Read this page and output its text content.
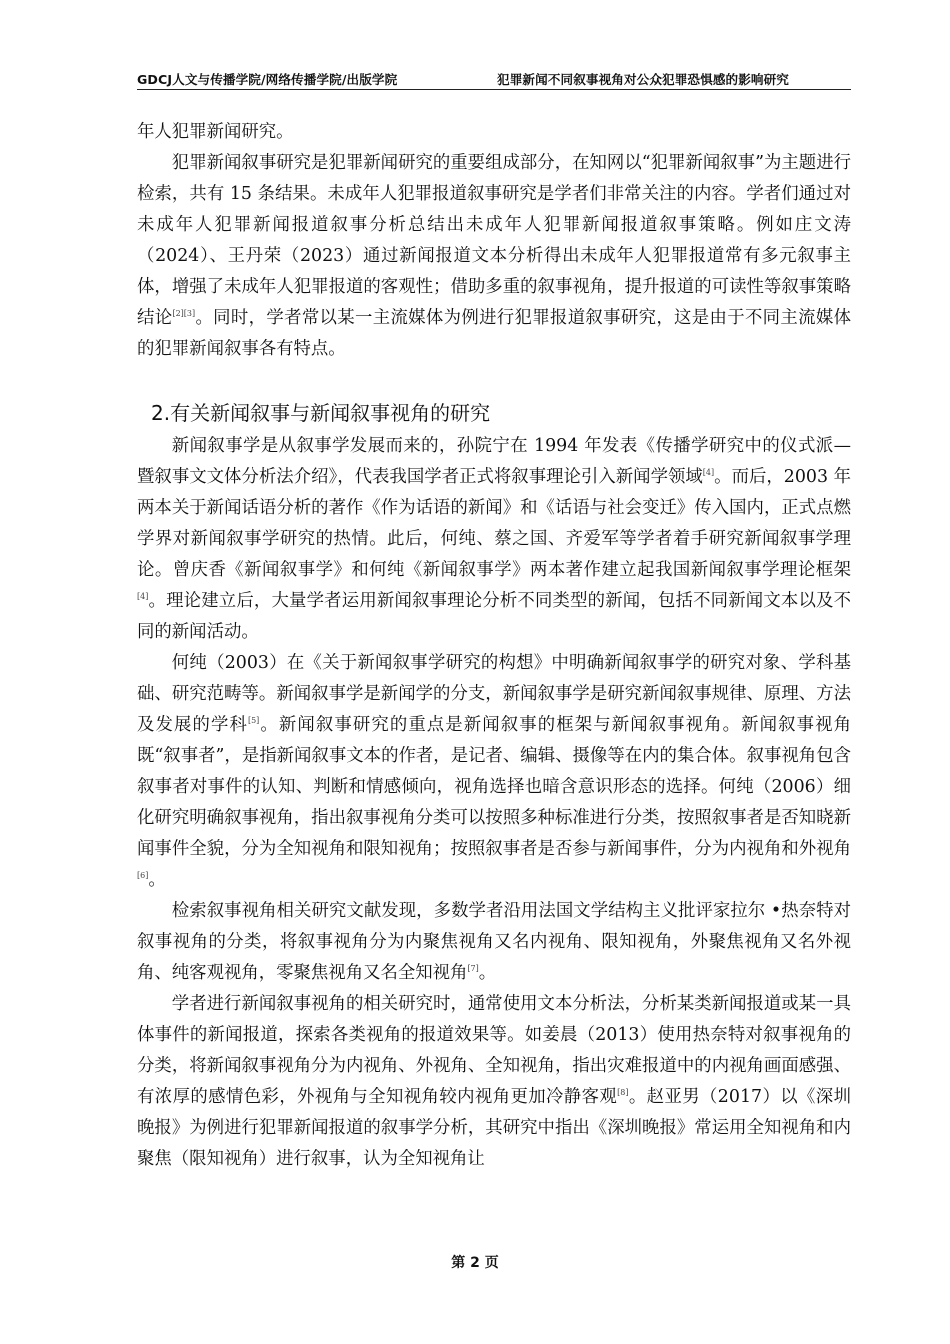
GDCJ人文与传播学院/网络传播学院/出版学院	犯罪新闻不同叙事视角对公众犯罪恐惧感的影响研究

年人犯罪新闻研究。

犯罪新闻叙事研究是犯罪新闻研究的重要组成部分，在知网以“犯罪新闻叙事”为主题进行检索，共有 15 条结果。未成年人犯罪报道叙事研究是学者们非常关注的内容。学者们通过对未成年人犯罪新闻报道叙事分析总结出未成年人犯罪新闻报道叙事策略。例如庄文涛（2024）、王丹荣（2023）通过新闻报道文本分析得出未成年人犯罪报道常有多元叙事主体，增强了未成年人犯罪报道的客观性；借助多重的叙事视角，提升报道的可读性等叙事策略结论[2][3]。同时，学者常以某一主流媒体为例进行犯罪报道叙事研究，这是由于不同主流媒体的犯罪新闻叙事各有特点。

2.有关新闻叙事与新闻叙事视角的研究

新闻叙事学是从叙事学发展而来的，孙院宁在 1994 年发表《传播学研究中的仪式派—暨叙事文文体分析法介绍》，代表我国学者正式将叙事理论引入新闻学领域[4]。而后，2003 年两本关于新闻话语分析的著作《作为话语的新闻》和《话语与社会变迁》传入国内，正式点燃学界对新闻叙事学研究的热情。此后，何纯、蔡之国、齐爱军等学者着手研究新闻叙事学理论。曾庆香《新闻叙事学》和何纯《新闻叙事学》两本著作建立起我国新闻叙事学理论框架[4]。理论建立后，大量学者运用新闻叙事理论分析不同类型的新闻，包括不同新闻文本以及不同的新闻活动。

何纯（2003）在《关于新闻叙事学研究的构想》中明确新闻叙事学的研究对象、学科基础、研究范畴等。新闻叙事学是新闻学的分支，新闻叙事学是研究新闻叙事规律、原理、方法及发展的学科[5]。新闻叙事研究的重点是新闻叙事的框架与新闻叙事视角。新闻叙事视角既“叙事者”，是指新闻叙事文本的作者，是记者、编辑、摄像等在内的集合体。叙事视角包含叙事者对事件的认知、判断和情感倾向，视角选择也暗含意识形态的选择。何纯（2006）细化研究明确叙事视角，指出叙事视角分类可以按照多种标准进行分类，按照叙事者是否知晓新闻事件全貌，分为全知视角和限知视角；按照叙事者是否参与新闻事件，分为内视角和外视角[6]。

检索叙事视角相关研究文献发现，多数学者沿用法国文学结构主义批评家拉尔 •热奈特对叙事视角的分类，将叙事视角分为内聚焦视角又名内视角、限知视角，外聚焦视角又名外视角、纯客观视角，零聚焦视角又名全知视角[7]。

学者进行新闻叙事视角的相关研究时，通常使用文本分析法，分析某类新闻报道或某一具体事件的新闻报道，探索各类视角的报道效果等。如姜晨（2013）使用热奈特对叙事视角的分类，将新闻叙事视角分为内视角、外视角、全知视角，指出灾难报道中的内视角画面感强、有浓厚的感情色彩，外视角与全知视角较内视角更加冷静客观[8]。赵亚男（2017）以《深圳晚报》为例进行犯罪新闻报道的叙事学分析，其研究中指出《深圳晚报》常运用全知视角和内聚焦（限知视角）进行叙事，认为全知视角让

第 2 页
